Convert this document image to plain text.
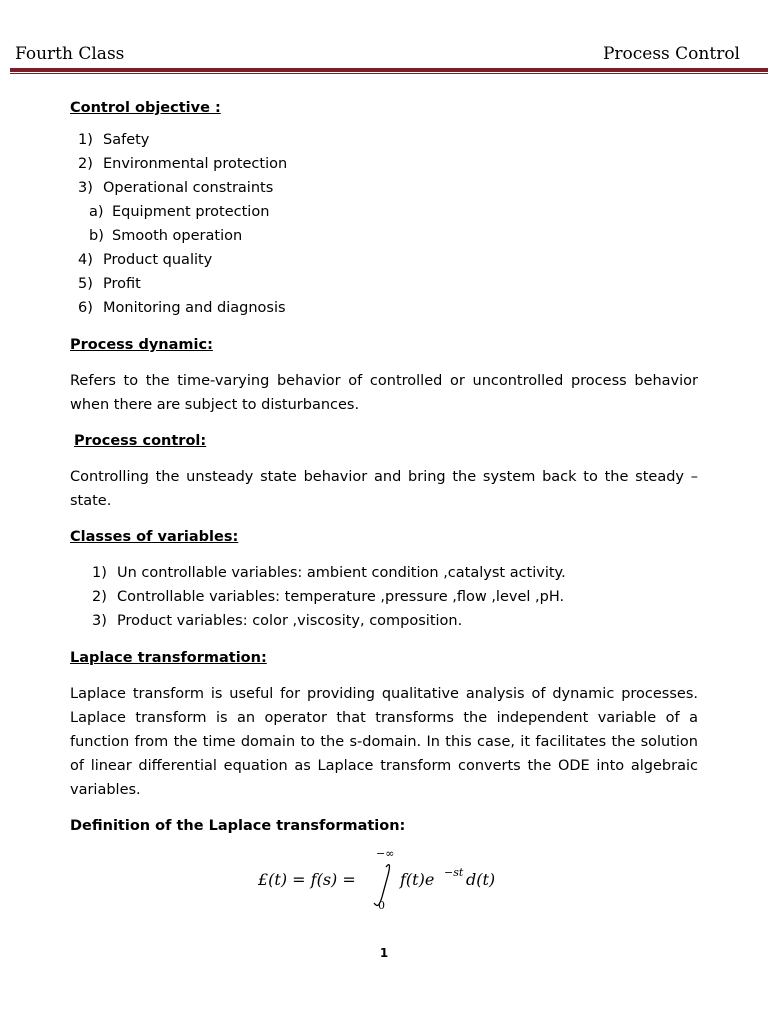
Fourth Class	Process Control
Control objective :
1) Safety
2) Environmental protection
3) Operational constraints
a) Equipment protection
b) Smooth operation
4) Product quality
5) Profit
6) Monitoring and diagnosis
Process dynamic:

Refers to the time-varying behavior of controlled or uncontrolled process behavior when there are subject to disturbances.

Process control:

Controlling the unsteady state behavior and bring the system back to the steady – state.

Classes of variables:
1) Un controllable variables: ambient condition ,catalyst activity.
2) Controllable variables: temperature ,pressure ,flow ,level ,pH.
3) Product variables: color ,viscosity, composition.
Laplace transformation:

Laplace transform is useful for providing qualitative analysis of dynamic processes. Laplace transform is an operator that transforms the independent variable of a function from the time domain to the s-domain. In this case, it facilitates the solution of linear differential equation as Laplace transform converts the ODE into algebraic variables.

Definition of the Laplace transformation:
£(t) = f(s) =
−∞
0
f(t)e −st d(t)
1
